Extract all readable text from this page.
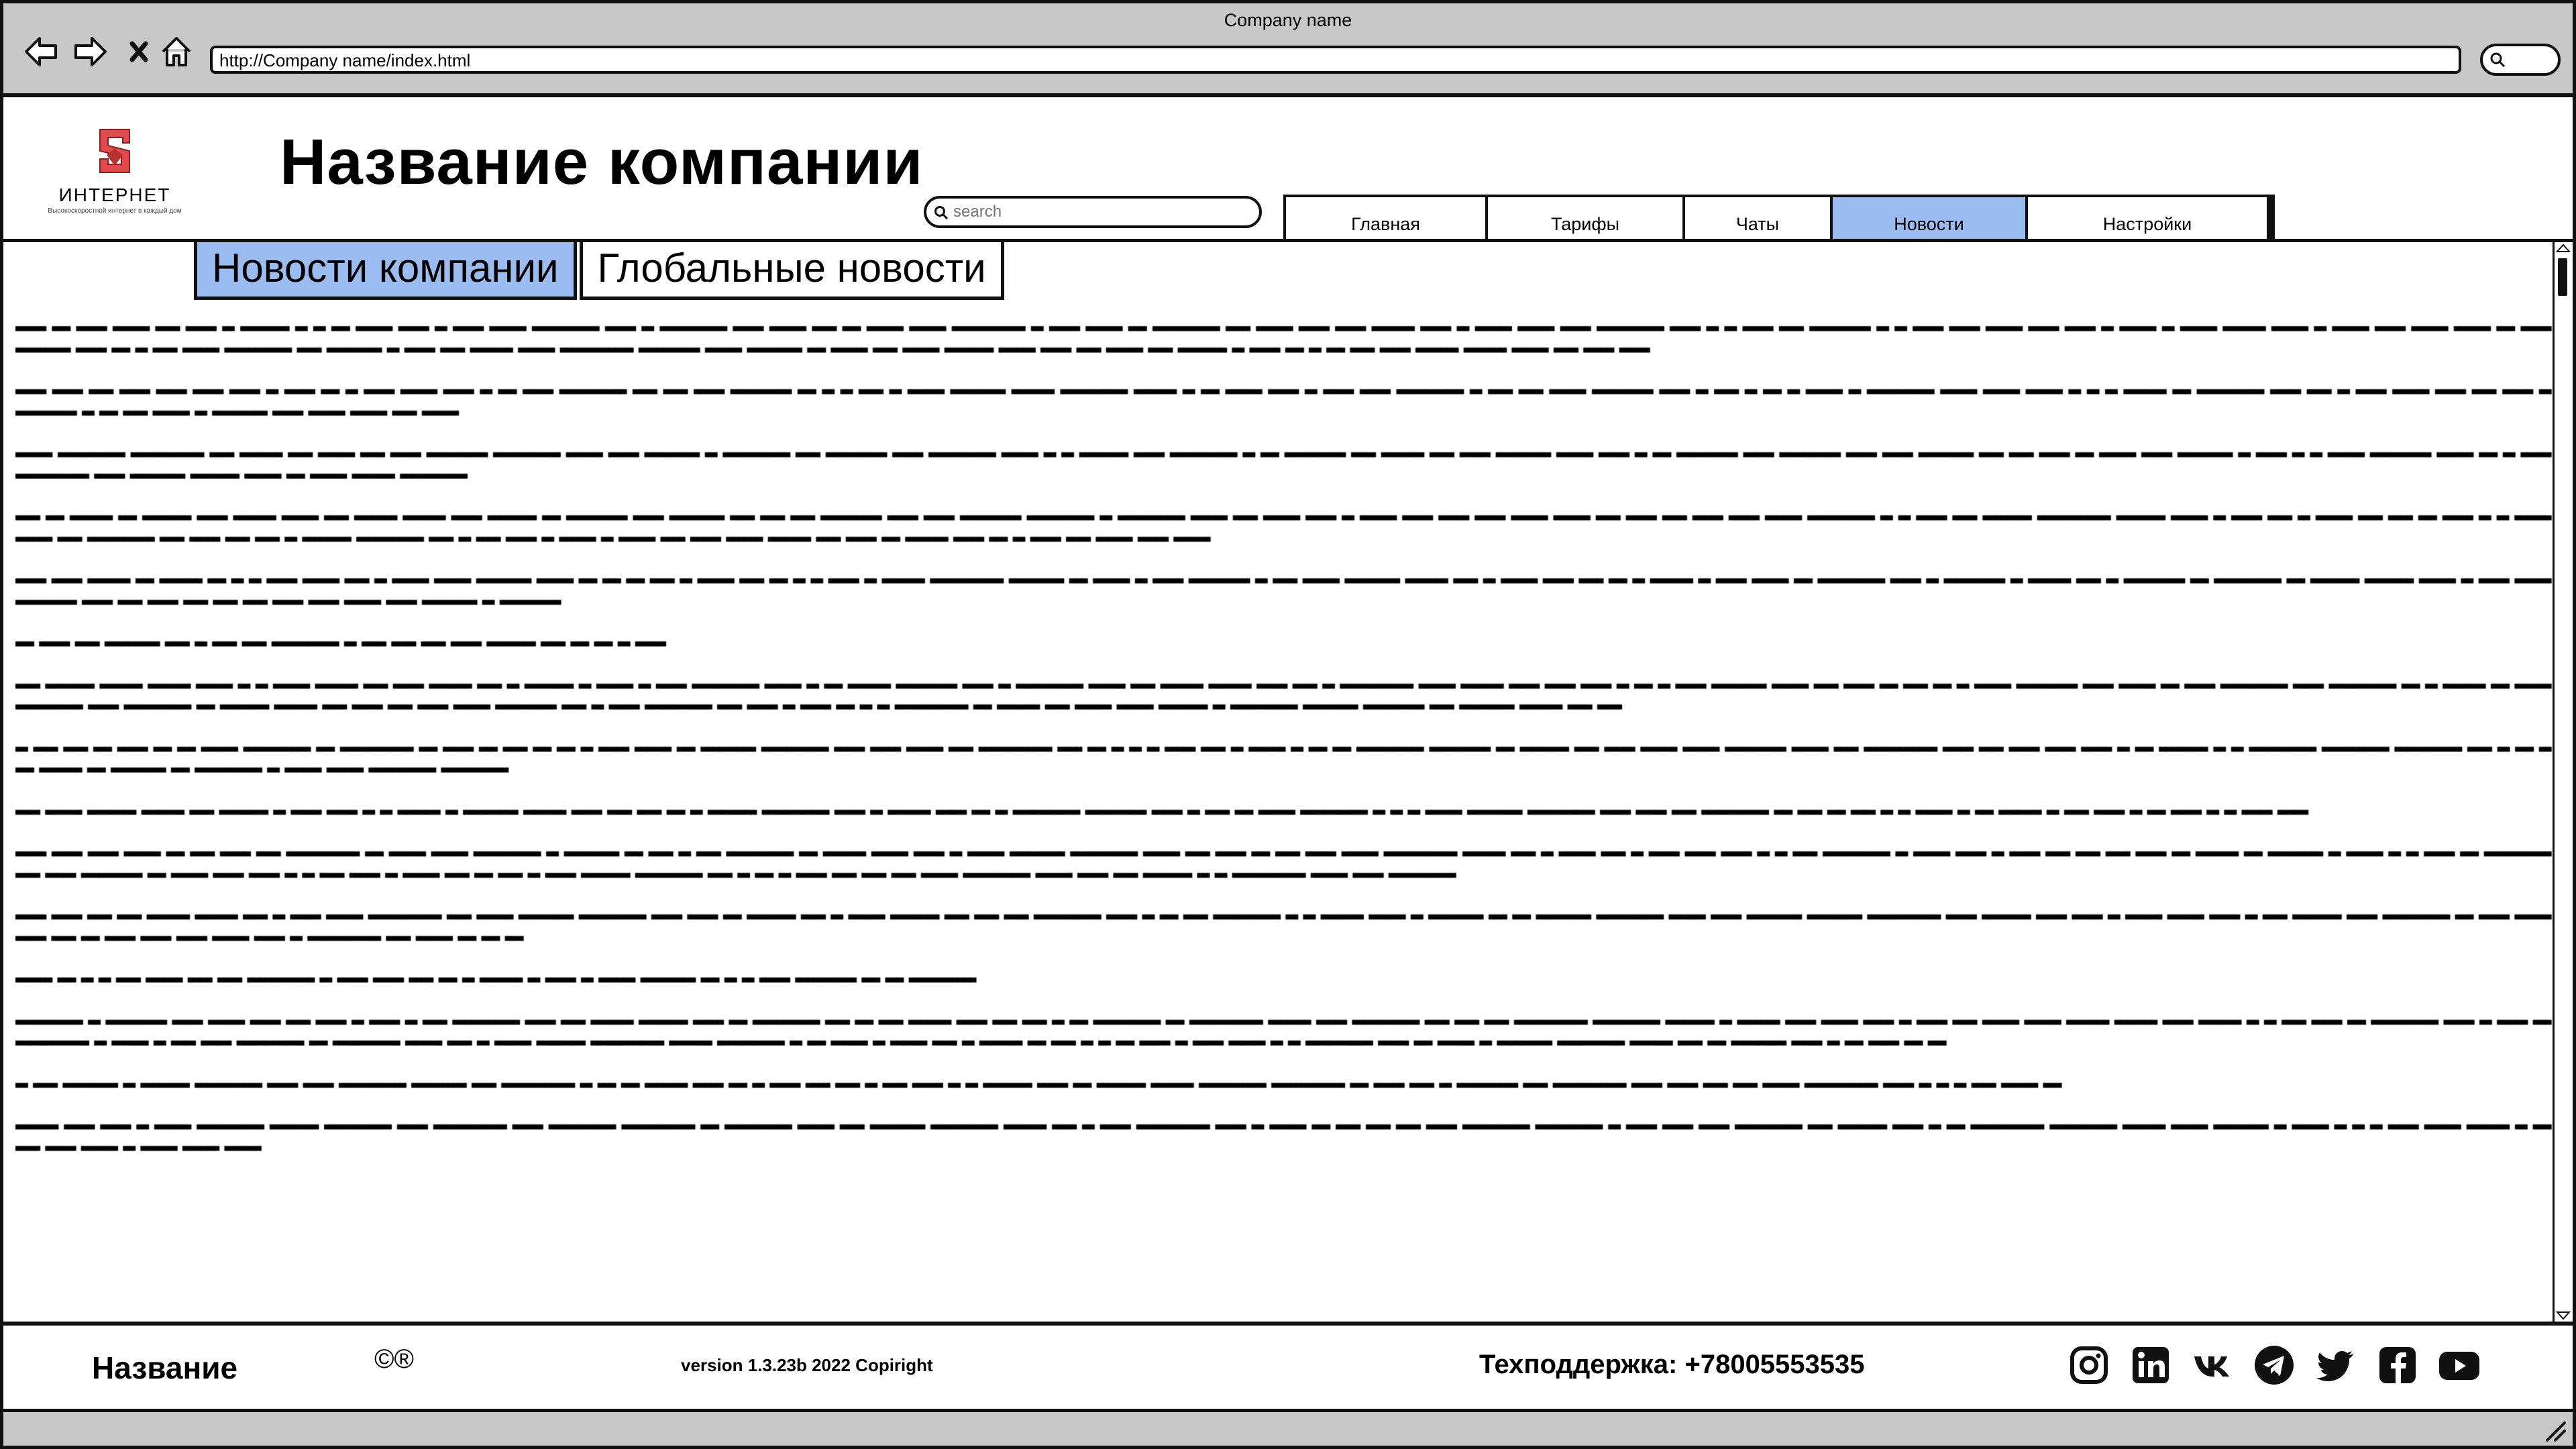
Company name
http://Company name/index.html
ИНТЕРНЕТ
Высокоскоростной интернет в каждый дом
Название компании
search
Главная	Тарифы	Чаты	Новости	Настройки
Новости компании Глобальные новости
▀▀▀▀▀ ▀▀▀ ▀▀▀▀▀ ▀▀▀▀▀▀ ▀▀▀▀ ▀▀▀▀▀ ▀▀ ▀▀▀▀▀▀▀▀ ▀▀ ▀▀ ▀▀▀ ▀▀▀▀▀▀ ▀▀▀▀▀ ▀▀ ▀▀▀▀▀ ▀▀▀▀▀▀ ▀▀▀▀▀▀▀▀▀▀▀ ▀▀▀▀▀ ▀▀ ▀▀▀▀▀▀▀▀▀▀▀ ▀▀▀▀▀ ▀▀▀▀▀▀ ▀▀▀▀ ▀▀▀ ▀▀▀▀▀▀ ▀▀▀▀▀▀ ▀▀▀▀▀▀▀▀▀▀▀▀ ▀▀ ▀▀▀▀▀ ▀▀▀▀▀▀ ▀▀▀ ▀▀▀▀▀▀▀▀▀▀▀ ▀▀▀▀ ▀▀▀▀▀▀ ▀▀▀▀▀ ▀▀▀▀▀ ▀▀▀▀▀▀▀ ▀▀▀▀▀ ▀▀ ▀▀▀▀▀▀ ▀▀▀▀▀▀ ▀▀▀▀▀ ▀▀▀▀▀▀▀▀▀▀▀ ▀▀▀▀▀ ▀▀ ▀▀ ▀▀▀▀▀ ▀▀▀▀ ▀▀▀▀▀▀▀▀▀▀ ▀▀ ▀▀ ▀▀▀▀▀ ▀▀▀▀▀ ▀▀▀▀▀▀ ▀▀▀▀▀ ▀▀▀▀▀ ▀▀ ▀▀▀▀▀▀ ▀▀ ▀▀▀▀▀▀ ▀▀▀▀▀▀▀ ▀▀▀▀▀▀ ▀▀ ▀▀▀▀▀▀ ▀▀▀▀▀ ▀▀▀▀▀▀ ▀▀▀▀▀▀ ▀▀▀ ▀▀▀▀▀ ▀▀▀▀▀▀▀▀▀ ▀▀▀▀▀ ▀▀▀ ▀▀ ▀▀▀▀ ▀▀▀▀▀▀ ▀▀▀▀▀▀▀▀▀▀▀ ▀▀▀▀ ▀▀▀▀▀▀▀▀▀ ▀▀ ▀▀▀▀▀ ▀▀▀▀ ▀▀▀▀▀▀▀ ▀▀▀▀▀▀ ▀▀▀▀▀▀▀▀▀▀▀▀ ▀▀▀▀▀▀▀▀▀▀ ▀▀▀▀▀▀ ▀▀▀▀▀▀▀▀▀ ▀▀▀ ▀▀▀▀▀▀ ▀▀▀▀ ▀▀▀▀▀▀ ▀▀▀▀▀▀▀▀ ▀▀▀▀▀▀ ▀▀▀▀▀ ▀▀▀▀ ▀▀▀▀▀▀ ▀▀▀▀ ▀▀▀▀▀▀▀▀ ▀▀ ▀▀▀▀▀ ▀▀▀ ▀▀ ▀▀▀ ▀▀▀▀ ▀▀▀▀▀ ▀▀▀▀▀▀▀ ▀▀▀▀▀▀▀ ▀▀▀▀▀▀ ▀▀▀▀ ▀▀▀▀▀ ▀▀▀▀▀
▀▀▀▀▀ ▀▀▀▀▀ ▀▀▀▀ ▀▀▀▀▀ ▀▀▀▀▀ ▀▀▀▀▀ ▀▀▀▀▀ ▀▀ ▀▀▀▀▀ ▀▀▀ ▀▀ ▀▀▀▀▀ ▀▀▀▀▀▀ ▀▀▀▀▀ ▀▀ ▀▀▀ ▀▀▀▀▀ ▀▀▀▀▀▀▀▀▀▀▀ ▀▀▀▀ ▀▀▀▀ ▀▀▀▀▀ ▀▀▀▀▀▀▀▀▀▀ ▀▀▀ ▀▀ ▀▀ ▀▀▀▀ ▀▀ ▀▀▀▀▀▀ ▀▀▀▀▀▀▀▀▀ ▀▀▀▀▀▀▀ ▀▀▀▀▀▀▀▀▀▀▀ ▀▀▀▀▀▀▀ ▀▀ ▀▀▀ ▀▀▀▀▀▀ ▀▀▀▀▀ ▀▀ ▀▀▀▀▀ ▀▀▀▀▀ ▀▀▀▀▀▀▀▀▀▀▀ ▀▀ ▀▀▀▀ ▀▀▀▀ ▀▀▀▀▀▀ ▀▀▀▀▀▀▀▀▀▀ ▀▀▀▀▀ ▀▀ ▀▀▀▀ ▀▀ ▀▀▀ ▀▀ ▀▀▀▀▀▀ ▀▀ ▀▀▀▀▀▀▀▀▀▀▀ ▀▀▀▀▀▀ ▀▀▀▀▀▀ ▀▀▀▀▀▀ ▀▀ ▀▀ ▀▀ ▀▀▀▀▀▀▀ ▀▀▀ ▀▀▀▀▀▀▀▀▀▀▀ ▀▀▀▀▀ ▀▀▀▀ ▀▀ ▀▀▀▀▀ ▀▀▀▀▀▀ ▀▀▀▀▀ ▀▀▀▀ ▀▀▀▀▀ ▀▀ ▀▀▀▀▀▀▀▀▀▀ ▀▀ ▀▀▀ ▀▀▀▀ ▀▀▀▀▀▀ ▀▀ ▀▀▀▀▀▀▀▀▀ ▀▀▀▀▀ ▀▀▀▀▀▀ ▀▀▀▀▀▀ ▀▀▀▀ ▀▀▀▀▀▀
▀▀▀▀▀▀ ▀▀▀▀▀▀▀▀▀▀▀ ▀▀▀▀▀▀▀▀▀▀▀▀ ▀▀▀▀ ▀▀▀▀▀▀▀ ▀▀▀▀ ▀▀▀▀▀▀ ▀▀▀▀ ▀▀▀▀▀ ▀▀▀▀▀▀▀▀▀▀ ▀▀▀▀▀▀▀▀▀▀▀ ▀▀▀▀▀▀ ▀▀▀▀▀ ▀▀▀▀▀▀▀▀▀ ▀▀ ▀▀▀▀▀▀▀▀▀▀▀ ▀▀▀▀ ▀▀▀▀▀▀▀▀▀▀ ▀▀▀▀▀ ▀▀▀▀▀▀▀▀▀▀▀ ▀▀▀▀▀▀ ▀▀ ▀▀ ▀▀▀▀▀▀▀▀ ▀▀▀▀▀ ▀▀▀▀▀▀▀▀▀▀▀ ▀▀ ▀▀▀ ▀▀▀▀▀▀▀▀▀▀ ▀▀▀▀ ▀▀▀▀▀▀▀ ▀▀▀▀ ▀▀▀▀▀ ▀▀▀▀▀▀▀▀▀ ▀▀▀▀▀▀ ▀▀▀▀▀ ▀▀ ▀▀▀ ▀▀▀▀▀▀▀▀▀▀ ▀▀▀▀▀ ▀▀▀▀▀▀▀▀▀▀ ▀▀▀▀▀ ▀▀▀▀▀ ▀▀▀▀▀▀▀▀▀ ▀▀▀▀ ▀▀▀▀ ▀▀▀▀▀ ▀▀▀ ▀▀▀▀▀▀ ▀▀▀▀▀ ▀▀▀▀▀▀▀▀▀ ▀▀ ▀▀▀▀▀ ▀▀ ▀▀ ▀▀▀▀▀▀ ▀▀▀▀▀▀▀▀▀▀ ▀▀▀▀▀▀ ▀▀▀ ▀▀ ▀▀▀▀▀ ▀▀▀▀▀▀▀▀▀▀▀▀ ▀▀▀▀▀ ▀▀▀▀▀▀▀▀▀ ▀▀▀▀▀▀▀▀ ▀▀▀▀▀▀ ▀▀▀ ▀▀▀▀▀▀ ▀▀▀▀▀▀▀ ▀▀▀▀▀▀▀▀▀▀▀
▀▀▀▀ ▀▀▀ ▀▀▀▀▀▀▀ ▀▀▀ ▀▀▀▀▀▀▀▀ ▀▀▀▀▀ ▀▀▀▀▀▀▀ ▀▀▀▀▀▀ ▀▀▀▀ ▀▀▀▀▀▀▀ ▀▀▀▀▀▀▀ ▀▀▀▀▀ ▀▀▀▀▀▀▀▀ ▀▀▀ ▀▀▀▀▀▀▀▀▀▀ ▀▀▀▀▀ ▀▀▀▀▀▀▀▀▀ ▀▀▀▀ ▀▀▀▀ ▀▀▀▀ ▀▀▀▀▀▀▀▀▀▀ ▀▀▀▀▀ ▀▀▀▀▀ ▀▀▀▀▀▀▀▀▀▀ ▀▀▀▀▀▀▀▀▀▀▀ ▀▀ ▀▀▀▀▀▀▀▀▀▀▀ ▀▀▀▀▀▀ ▀▀▀▀ ▀▀▀▀▀▀ ▀▀▀▀▀ ▀▀ ▀▀▀▀▀▀ ▀▀▀▀▀ ▀▀▀▀▀ ▀▀▀▀▀ ▀▀▀▀▀▀ ▀▀▀▀▀▀ ▀▀▀▀ ▀▀▀▀▀ ▀▀▀▀ ▀▀▀▀▀ ▀▀▀▀▀ ▀▀▀▀▀▀ ▀▀▀▀▀▀▀▀▀▀▀ ▀▀ ▀▀ ▀▀▀▀▀ ▀▀▀▀ ▀▀▀▀▀▀▀▀ ▀▀▀▀▀▀▀▀▀▀▀▀ ▀▀▀▀▀▀▀▀ ▀▀▀▀▀▀ ▀▀ ▀▀▀▀▀ ▀▀▀▀ ▀▀ ▀▀▀▀▀▀ ▀▀▀▀ ▀▀▀▀ ▀▀▀ ▀▀▀▀▀ ▀▀ ▀▀ ▀▀▀▀▀▀ ▀▀▀▀▀▀ ▀▀▀▀ ▀▀▀▀▀▀▀▀▀▀▀ ▀▀▀▀ ▀▀▀▀▀ ▀▀▀▀ ▀▀▀▀ ▀▀ ▀▀▀▀▀▀▀▀ ▀▀▀▀▀▀▀▀▀▀▀ ▀▀▀▀ ▀▀ ▀▀▀▀ ▀▀▀▀▀ ▀▀ ▀▀▀▀▀▀ ▀▀ ▀▀▀▀▀▀ ▀▀▀▀ ▀▀▀▀▀ ▀▀▀▀▀▀ ▀▀▀▀▀▀▀ ▀▀▀▀ ▀▀▀▀▀ ▀▀▀ ▀▀▀▀▀▀▀ ▀▀▀▀▀ ▀▀▀ ▀▀ ▀▀▀▀▀ ▀▀▀▀ ▀▀▀▀▀▀ ▀▀▀▀▀ ▀▀▀▀▀▀
▀▀▀▀▀ ▀▀▀▀▀ ▀▀▀▀▀▀▀ ▀▀▀ ▀▀▀▀▀▀▀ ▀▀▀ ▀▀ ▀▀ ▀▀▀▀▀ ▀▀▀▀▀▀ ▀▀▀▀ ▀▀ ▀▀▀▀▀▀ ▀▀▀▀▀▀ ▀▀▀▀▀▀▀▀▀ ▀▀▀▀▀▀ ▀▀▀ ▀▀▀ ▀▀▀ ▀▀▀▀ ▀▀ ▀▀▀▀▀▀ ▀▀▀▀ ▀▀▀ ▀▀ ▀▀ ▀▀▀▀▀ ▀▀ ▀▀▀▀▀▀▀ ▀▀▀▀▀▀▀▀▀▀▀▀ ▀▀▀▀▀▀▀▀▀ ▀▀▀ ▀▀▀▀▀▀ ▀▀ ▀▀▀▀▀ ▀▀▀▀▀▀▀▀▀▀ ▀▀ ▀▀▀▀ ▀▀▀▀▀▀ ▀▀▀▀▀▀▀▀▀ ▀▀▀▀▀▀▀ ▀▀▀▀ ▀▀ ▀▀▀▀▀▀ ▀▀▀▀▀ ▀▀▀▀ ▀▀▀ ▀▀ ▀▀▀▀▀▀▀ ▀▀ ▀▀▀▀▀ ▀▀▀▀▀▀ ▀▀▀ ▀▀▀▀▀▀▀▀▀▀▀ ▀▀▀▀▀ ▀▀ ▀▀▀▀▀▀▀▀▀▀ ▀▀ ▀▀▀▀▀▀▀ ▀▀▀▀ ▀▀ ▀▀▀▀▀▀▀▀▀▀ ▀▀▀ ▀▀▀▀▀▀▀▀▀▀▀ ▀▀▀ ▀▀▀▀▀▀▀▀ ▀▀▀▀▀▀▀▀ ▀▀▀▀▀▀ ▀▀ ▀▀▀▀▀ ▀▀▀▀▀▀ ▀▀▀▀▀▀▀▀▀▀ ▀▀▀▀▀ ▀▀▀▀ ▀▀▀▀▀ ▀▀▀▀ ▀▀▀▀ ▀▀▀▀ ▀▀▀▀▀ ▀▀▀▀▀ ▀▀▀▀▀▀ ▀▀▀▀▀ ▀▀▀▀▀▀▀▀▀ ▀▀ ▀▀▀▀▀▀▀▀▀▀
▀▀▀ ▀▀▀▀▀ ▀▀▀▀ ▀▀▀▀▀▀▀▀▀ ▀▀▀▀ ▀▀ ▀▀▀▀ ▀▀▀▀ ▀▀▀▀▀▀▀▀▀▀▀ ▀▀ ▀▀▀▀ ▀▀▀▀ ▀▀▀▀ ▀▀▀▀▀ ▀▀▀▀▀▀▀▀ ▀▀▀▀ ▀▀▀ ▀▀▀ ▀▀ ▀▀▀▀▀
▀▀▀▀ ▀▀▀▀▀▀▀▀ ▀▀▀▀▀▀▀ ▀▀▀▀▀▀▀ ▀▀▀▀▀▀ ▀▀ ▀▀ ▀▀▀▀▀▀ ▀▀▀▀▀▀▀ ▀▀▀▀ ▀▀▀▀▀ ▀▀▀▀▀▀▀ ▀▀▀▀ ▀▀ ▀▀▀▀▀▀▀▀ ▀▀ ▀▀▀▀▀▀ ▀▀ ▀▀▀▀▀ ▀▀▀▀▀▀▀▀▀▀▀ ▀▀▀▀▀▀ ▀▀ ▀▀▀ ▀▀▀▀▀▀▀ ▀▀▀▀▀▀▀▀▀▀ ▀▀▀▀▀ ▀▀ ▀▀▀▀▀▀▀▀▀▀▀ ▀▀▀▀▀▀ ▀▀▀▀ ▀▀▀▀▀▀▀ ▀▀▀▀▀▀▀ ▀▀▀▀▀ ▀▀▀▀ ▀▀ ▀▀▀▀▀▀▀▀▀▀▀▀ ▀▀▀▀▀▀ ▀▀▀▀▀▀▀ ▀▀▀▀▀ ▀▀▀▀▀ ▀▀▀▀▀ ▀▀ ▀▀▀ ▀▀ ▀▀▀▀▀ ▀▀▀▀▀▀▀▀▀ ▀▀▀▀▀▀ ▀▀▀▀ ▀▀▀▀▀ ▀▀▀ ▀▀▀▀ ▀▀▀ ▀▀ ▀▀▀▀▀▀ ▀▀▀▀▀▀▀▀▀▀ ▀▀▀▀▀ ▀▀▀▀▀▀ ▀▀▀ ▀▀▀▀▀ ▀▀▀▀▀▀▀▀▀▀▀ ▀▀▀▀▀ ▀▀▀▀▀▀▀▀▀▀▀ ▀▀▀ ▀▀ ▀▀▀▀▀▀▀ ▀▀▀ ▀▀▀▀▀▀ ▀▀▀▀▀▀▀▀▀▀▀ ▀▀▀▀▀ ▀▀▀▀▀▀▀▀▀▀▀ ▀▀▀ ▀▀▀▀▀▀▀▀ ▀▀▀▀▀▀▀ ▀▀▀▀ ▀▀▀▀▀ ▀▀▀▀ ▀▀▀▀▀ ▀▀▀▀▀▀ ▀▀▀▀▀▀▀▀▀▀ ▀▀▀▀ ▀▀ ▀▀▀▀▀ ▀▀▀▀▀▀▀▀▀▀▀ ▀▀▀▀ ▀▀▀▀▀ ▀▀ ▀▀▀▀▀ ▀▀▀ ▀▀ ▀▀ ▀▀▀▀▀▀▀▀▀▀▀▀ ▀▀▀ ▀▀▀▀▀▀▀ ▀▀▀▀ ▀▀▀▀▀▀ ▀▀▀▀▀▀ ▀▀▀▀▀▀▀▀ ▀▀ ▀▀▀▀▀▀▀▀▀▀▀ ▀▀▀▀▀▀▀▀▀ ▀▀▀▀▀▀▀▀▀▀ ▀▀▀▀ ▀▀▀▀▀▀▀▀▀ ▀▀▀▀▀▀▀ ▀▀▀▀ ▀▀▀▀
▀▀ ▀▀▀▀ ▀▀▀▀ ▀▀▀ ▀▀▀▀▀ ▀▀▀ ▀▀▀ ▀▀▀▀▀▀ ▀▀▀▀▀▀▀▀▀▀▀ ▀▀▀ ▀▀▀▀▀▀▀▀▀▀▀▀ ▀▀▀ ▀▀▀▀▀ ▀▀▀ ▀▀▀▀ ▀▀▀ ▀▀▀ ▀▀ ▀▀▀▀▀ ▀▀▀▀▀▀ ▀▀▀ ▀▀▀▀▀▀▀▀▀ ▀▀▀▀▀▀▀▀▀▀▀ ▀▀▀▀▀ ▀▀▀▀▀ ▀▀▀▀▀▀ ▀▀▀▀ ▀▀▀▀▀▀▀▀▀▀▀▀ ▀▀▀▀ ▀▀▀ ▀▀ ▀▀ ▀▀ ▀▀▀▀▀ ▀▀▀▀ ▀▀ ▀▀▀▀▀▀ ▀▀ ▀▀▀ ▀▀▀ ▀▀▀▀▀▀▀▀▀▀▀ ▀▀▀▀▀▀▀▀▀▀ ▀▀▀ ▀▀▀▀▀▀▀▀ ▀▀▀▀ ▀▀▀▀▀ ▀▀▀▀▀▀ ▀▀▀▀▀▀ ▀▀▀▀▀▀▀▀▀▀ ▀▀▀▀▀▀ ▀▀▀▀ ▀▀▀▀▀▀▀▀▀▀▀▀ ▀▀▀▀▀ ▀▀▀▀ ▀▀▀▀▀ ▀▀▀▀▀ ▀▀▀▀▀ ▀▀ ▀▀▀ ▀▀▀▀▀▀▀▀ ▀▀ ▀▀ ▀▀▀▀▀▀▀▀▀▀▀ ▀▀▀▀▀▀▀▀▀▀▀ ▀▀▀▀▀▀▀▀▀▀▀ ▀▀▀▀ ▀▀ ▀▀▀ ▀▀ ▀▀▀ ▀▀▀▀▀▀▀ ▀▀▀ ▀▀▀▀▀▀▀▀▀ ▀▀▀ ▀▀▀▀▀▀▀▀▀▀▀ ▀▀ ▀▀▀▀▀▀ ▀▀▀▀▀▀ ▀▀▀▀▀▀▀▀▀▀▀ ▀▀▀▀▀▀▀▀▀▀▀
▀▀▀▀ ▀▀▀▀▀▀ ▀▀▀▀▀▀▀▀ ▀▀▀▀▀▀▀ ▀▀▀▀ ▀▀▀▀▀▀▀▀ ▀▀ ▀▀▀▀▀ ▀▀▀▀▀ ▀▀ ▀▀ ▀▀▀▀▀▀▀ ▀▀ ▀▀▀▀▀▀▀▀▀ ▀▀▀▀▀▀▀ ▀▀▀▀▀ ▀▀▀▀ ▀▀▀▀ ▀▀▀ ▀▀ ▀▀▀▀▀▀▀▀ ▀▀▀▀▀▀▀▀▀▀▀ ▀▀▀▀▀ ▀▀ ▀▀▀▀▀▀▀ ▀▀▀▀▀ ▀▀▀ ▀▀ ▀▀▀▀▀▀▀▀▀▀▀ ▀▀▀▀▀▀▀▀▀▀ ▀▀▀▀▀ ▀▀ ▀▀▀▀ ▀▀▀ ▀▀▀▀▀▀ ▀▀▀▀▀▀▀▀▀▀▀ ▀▀ ▀▀ ▀▀ ▀▀▀▀▀▀ ▀▀▀▀▀▀▀▀▀ ▀▀▀▀▀▀▀▀▀▀▀ ▀▀▀▀▀ ▀▀▀▀▀ ▀▀▀▀ ▀▀▀▀▀▀▀▀▀▀▀ ▀▀▀ ▀▀▀▀ ▀▀▀ ▀▀▀▀ ▀▀ ▀▀ ▀▀▀▀▀▀ ▀▀ ▀▀▀ ▀▀▀▀▀▀▀ ▀▀ ▀▀▀▀ ▀▀▀▀▀ ▀▀ ▀▀▀ ▀▀▀▀▀ ▀▀ ▀▀ ▀▀▀▀▀ ▀▀▀▀▀
▀▀▀▀▀ ▀▀▀▀▀ ▀▀▀▀▀ ▀▀▀▀▀▀ ▀▀▀ ▀▀▀▀ ▀▀▀▀▀ ▀▀▀▀ ▀▀▀▀▀▀▀▀▀▀▀▀ ▀▀▀ ▀▀▀▀▀▀ ▀▀▀▀▀▀ ▀▀▀▀▀▀▀▀▀▀▀ ▀▀ ▀▀▀▀▀▀▀▀▀ ▀▀▀ ▀▀▀▀ ▀▀ ▀▀▀▀ ▀▀▀▀▀▀▀▀▀▀▀ ▀▀▀ ▀▀▀▀▀▀▀ ▀▀▀▀▀▀ ▀▀▀▀▀ ▀▀ ▀▀▀▀▀▀ ▀▀▀▀▀▀▀▀▀ ▀▀▀▀▀▀▀▀▀▀▀ ▀▀▀▀▀▀ ▀▀▀▀ ▀▀▀▀▀ ▀▀▀ ▀▀▀▀ ▀▀▀▀▀ ▀▀▀▀▀▀ ▀▀▀▀▀▀▀▀▀▀▀▀ ▀▀▀▀▀▀▀ ▀▀▀▀ ▀▀ ▀▀▀▀▀▀ ▀▀▀▀ ▀▀ ▀▀▀▀▀ ▀▀▀▀▀ ▀▀▀▀▀ ▀▀ ▀▀ ▀▀▀▀ ▀▀▀▀▀▀▀▀▀▀▀ ▀▀ ▀▀▀▀▀▀ ▀▀▀▀▀ ▀▀ ▀▀▀▀▀ ▀▀▀▀ ▀▀▀▀ ▀▀▀▀ ▀▀▀▀▀ ▀▀▀ ▀▀▀▀▀▀▀ ▀▀▀ ▀▀▀▀▀▀▀▀▀ ▀▀ ▀▀▀▀▀▀ ▀▀ ▀▀ ▀▀▀▀▀ ▀▀▀ ▀▀▀▀▀▀▀▀▀▀▀ ▀▀▀▀ ▀▀▀▀▀ ▀▀▀▀▀▀▀▀▀▀ ▀▀▀ ▀▀▀▀▀▀ ▀▀▀▀▀ ▀▀▀▀▀ ▀▀ ▀▀ ▀▀▀▀ ▀▀▀▀▀ ▀▀ ▀▀▀▀▀▀ ▀▀▀▀ ▀▀▀ ▀▀▀▀ ▀▀ ▀▀▀▀▀ ▀▀▀▀▀▀▀▀ ▀▀▀▀▀▀▀▀▀▀▀ ▀▀▀▀ ▀▀ ▀▀▀ ▀▀ ▀▀▀▀▀ ▀▀▀▀ ▀▀▀▀ ▀▀▀▀ ▀▀▀▀▀▀ ▀▀▀▀▀▀▀▀▀▀▀ ▀▀▀▀▀▀ ▀▀▀▀▀ ▀▀▀▀ ▀▀▀▀▀▀▀▀ ▀▀ ▀▀ ▀▀▀▀▀▀▀▀▀▀▀▀ ▀▀▀▀▀▀ ▀▀▀▀▀ ▀▀▀▀▀▀▀▀▀▀▀
▀▀▀▀▀ ▀▀▀▀▀ ▀▀▀▀ ▀▀▀▀ ▀▀▀▀▀▀▀ ▀▀▀▀▀▀▀ ▀▀▀▀ ▀▀ ▀▀▀▀▀ ▀▀▀▀▀▀ ▀▀▀▀▀▀▀▀▀▀▀▀ ▀▀▀▀ ▀▀▀▀▀▀ ▀▀▀▀▀▀▀▀▀ ▀▀▀▀▀▀▀▀▀▀▀ ▀▀▀▀▀ ▀▀▀▀▀ ▀▀▀ ▀▀▀▀▀▀▀▀ ▀▀▀▀ ▀▀ ▀▀▀▀▀▀ ▀▀▀▀▀▀▀▀ ▀▀▀▀ ▀▀▀▀ ▀▀▀▀ ▀▀▀▀▀▀▀▀▀▀▀ ▀▀▀▀▀ ▀▀ ▀▀▀ ▀▀▀▀ ▀▀▀▀▀▀▀▀▀▀▀ ▀▀ ▀▀ ▀▀▀▀▀▀▀ ▀▀▀▀▀▀ ▀▀ ▀▀▀▀▀▀▀▀▀ ▀▀▀ ▀▀▀ ▀▀▀▀▀▀▀▀▀ ▀▀▀▀▀▀▀▀▀▀▀ ▀▀▀▀▀▀ ▀▀▀▀▀ ▀▀▀▀▀▀▀▀▀ ▀▀▀▀▀▀▀▀▀ ▀▀▀▀▀▀▀▀▀▀▀▀ ▀▀▀▀▀ ▀▀▀▀▀▀▀▀ ▀▀▀▀▀ ▀▀▀▀▀ ▀▀ ▀▀▀▀▀▀ ▀▀▀▀▀▀ ▀▀▀▀▀ ▀▀ ▀▀▀▀ ▀▀▀▀▀▀▀▀ ▀▀▀▀▀ ▀▀▀▀▀▀▀▀▀▀▀ ▀▀▀ ▀▀▀▀▀ ▀▀▀▀▀▀ ▀▀▀▀▀ ▀▀▀▀ ▀▀▀ ▀▀▀▀▀ ▀▀▀▀▀ ▀▀▀▀▀ ▀▀▀▀▀▀ ▀▀▀▀▀ ▀▀ ▀▀▀▀▀▀▀▀▀▀▀▀ ▀▀▀▀ ▀▀▀▀▀▀ ▀▀▀ ▀▀▀ ▀▀▀
▀▀▀▀▀▀ ▀▀▀ ▀▀ ▀▀ ▀▀▀▀ ▀▀▀▀▀▀ ▀▀▀▀ ▀▀▀▀ ▀▀▀▀▀▀▀▀▀▀▀ ▀▀ ▀▀▀▀▀ ▀▀▀▀▀ ▀▀▀▀ ▀▀▀ ▀▀ ▀▀▀▀▀▀▀ ▀▀ ▀▀▀▀▀ ▀▀ ▀▀▀▀▀▀ ▀▀▀▀▀▀▀▀▀ ▀▀▀ ▀▀ ▀▀ ▀▀▀▀▀ ▀▀▀▀▀▀▀▀▀▀ ▀▀▀ ▀▀▀ ▀▀▀▀▀▀▀▀▀▀▀
▀▀▀▀▀▀▀▀▀▀▀ ▀▀ ▀▀▀▀▀▀▀▀▀▀ ▀▀▀▀▀ ▀▀▀▀▀▀ ▀▀▀▀▀ ▀▀▀▀ ▀▀▀▀▀ ▀▀ ▀▀▀▀▀ ▀▀ ▀▀▀▀ ▀▀▀▀▀▀▀▀▀▀▀ ▀▀▀▀▀ ▀▀▀▀ ▀▀▀▀▀▀▀ ▀▀▀▀▀▀▀▀ ▀▀▀▀▀ ▀▀▀ ▀▀▀▀▀▀▀▀▀▀▀ ▀▀▀▀ ▀▀▀ ▀▀▀▀ ▀▀▀▀▀▀▀ ▀▀▀▀▀ ▀▀▀▀ ▀▀▀▀ ▀▀ ▀▀▀ ▀▀▀▀▀▀▀▀▀▀▀ ▀▀▀ ▀▀▀▀▀▀▀▀▀▀▀▀ ▀▀▀▀▀▀▀ ▀▀▀▀▀ ▀▀▀▀▀▀▀▀▀▀▀ ▀▀▀▀ ▀▀▀▀ ▀▀▀▀ ▀▀▀▀▀▀▀▀▀▀▀▀ ▀▀▀▀▀▀▀▀▀▀▀ ▀▀▀▀▀▀▀▀ ▀▀ ▀▀▀▀▀▀▀ ▀▀▀▀▀ ▀▀▀▀▀▀ ▀▀▀▀▀ ▀▀ ▀▀▀▀▀ ▀▀▀▀ ▀▀▀▀▀▀ ▀▀▀▀▀▀ ▀▀▀▀▀▀▀ ▀▀▀▀▀▀▀ ▀▀▀▀▀ ▀▀▀▀▀▀▀ ▀▀ ▀▀ ▀▀▀▀ ▀▀▀▀▀ ▀▀▀ ▀▀▀▀▀▀▀▀▀▀▀ ▀▀▀▀▀ ▀▀ ▀▀▀▀▀ ▀▀▀ ▀▀▀▀▀▀▀▀▀▀▀▀ ▀▀ ▀▀▀▀▀▀ ▀▀ ▀▀▀▀ ▀▀▀▀▀ ▀▀▀▀▀▀▀▀▀▀▀ ▀▀▀ ▀▀▀▀▀▀▀▀▀▀▀ ▀▀▀▀▀▀ ▀▀▀▀ ▀▀ ▀▀▀▀▀▀ ▀▀▀▀▀▀▀▀ ▀▀▀▀▀▀▀▀▀▀▀▀ ▀▀▀▀▀▀▀ ▀▀▀▀▀▀▀▀▀▀▀ ▀▀ ▀▀▀ ▀▀▀▀▀▀ ▀▀ ▀▀▀▀▀▀ ▀▀▀▀ ▀▀ ▀▀▀▀▀▀▀ ▀▀▀ ▀▀▀▀ ▀▀ ▀▀ ▀▀▀ ▀▀▀▀▀ ▀▀ ▀▀▀▀▀ ▀▀▀▀▀▀ ▀▀ ▀▀ ▀▀▀▀▀▀▀▀▀▀▀ ▀▀▀▀▀ ▀▀▀ ▀▀▀▀▀▀ ▀▀ ▀▀▀▀▀▀▀▀▀ ▀▀▀▀▀▀▀▀▀▀▀ ▀▀▀▀▀▀▀ ▀▀▀▀ ▀▀▀ ▀▀▀▀▀▀▀▀▀ ▀▀▀▀▀ ▀▀ ▀▀▀ ▀▀▀▀▀ ▀▀▀ ▀▀▀
▀▀ ▀▀▀▀ ▀▀▀▀▀▀▀▀▀ ▀▀ ▀▀▀▀▀▀▀▀ ▀▀▀▀▀▀▀▀▀▀▀ ▀▀▀▀▀ ▀▀▀▀▀ ▀▀▀▀▀▀▀▀▀▀▀ ▀▀▀▀▀▀▀▀▀ ▀▀▀▀ ▀▀▀▀▀▀▀▀▀▀▀▀ ▀▀ ▀▀▀ ▀▀▀ ▀▀▀▀▀▀▀ ▀▀▀▀▀ ▀▀▀ ▀▀ ▀▀▀▀▀ ▀▀▀▀ ▀▀▀▀ ▀▀ ▀▀▀▀ ▀▀▀▀▀ ▀▀ ▀▀ ▀▀▀▀▀▀▀▀ ▀▀▀▀▀ ▀▀▀ ▀▀▀▀▀▀▀▀ ▀▀▀▀▀▀▀ ▀▀▀▀▀▀▀▀▀▀▀ ▀▀▀▀▀▀▀▀▀▀▀▀ ▀▀▀ ▀▀▀▀▀ ▀▀▀▀ ▀▀ ▀▀▀▀▀▀▀▀▀▀ ▀▀▀▀ ▀▀▀▀▀▀▀▀▀▀▀▀ ▀▀▀▀▀ ▀▀▀▀▀ ▀▀▀▀ ▀▀▀▀ ▀▀▀▀▀▀ ▀▀▀▀▀▀▀▀▀▀▀▀ ▀▀▀▀▀ ▀▀ ▀▀ ▀▀ ▀▀▀▀ ▀▀▀▀▀▀ ▀▀▀
▀▀▀▀▀▀▀ ▀▀▀▀▀ ▀▀▀▀▀ ▀▀ ▀▀▀▀▀▀ ▀▀▀▀▀▀▀▀▀▀▀ ▀▀▀▀▀▀▀▀ ▀▀▀▀▀▀▀▀▀▀▀ ▀▀▀▀▀ ▀▀▀▀▀▀▀▀▀▀▀▀ ▀▀▀▀▀ ▀▀▀▀▀▀▀▀▀▀▀ ▀▀▀▀▀▀▀▀▀▀▀▀ ▀▀▀ ▀▀▀▀▀▀▀▀▀▀▀ ▀▀▀▀▀▀ ▀▀▀▀ ▀▀▀▀▀▀▀▀▀ ▀▀▀▀▀▀▀▀▀▀▀ ▀▀▀▀▀▀▀ ▀▀▀▀ ▀▀ ▀▀▀▀▀ ▀▀▀▀▀▀▀▀▀▀▀▀ ▀▀▀▀▀ ▀▀ ▀▀▀▀▀▀ ▀▀▀ ▀▀▀▀ ▀▀▀▀ ▀▀▀▀ ▀▀▀▀▀ ▀▀▀▀▀▀▀▀▀▀▀ ▀▀▀▀▀▀▀▀▀▀▀ ▀▀ ▀▀▀▀▀ ▀▀▀▀▀ ▀▀▀▀▀ ▀▀▀▀▀▀▀▀▀▀▀ ▀▀▀▀ ▀▀▀▀▀▀▀▀ ▀▀▀▀▀ ▀▀ ▀▀▀ ▀▀▀▀▀▀▀▀▀▀▀▀ ▀▀▀▀▀▀▀▀▀▀▀ ▀▀▀▀▀▀▀ ▀▀▀▀▀▀ ▀▀▀▀▀▀▀▀▀ ▀▀ ▀▀▀▀▀▀ ▀▀ ▀▀ ▀▀ ▀▀▀▀▀ ▀▀▀▀▀▀ ▀▀▀▀▀▀▀ ▀▀ ▀▀▀ ▀▀▀▀ ▀▀▀▀▀ ▀▀▀▀▀▀ ▀▀ ▀▀▀▀▀▀ ▀▀▀▀▀▀ ▀▀▀▀▀▀
Название	©®	version 1.3.23b 2022 Copiright	Техподдержка: +78005553535
